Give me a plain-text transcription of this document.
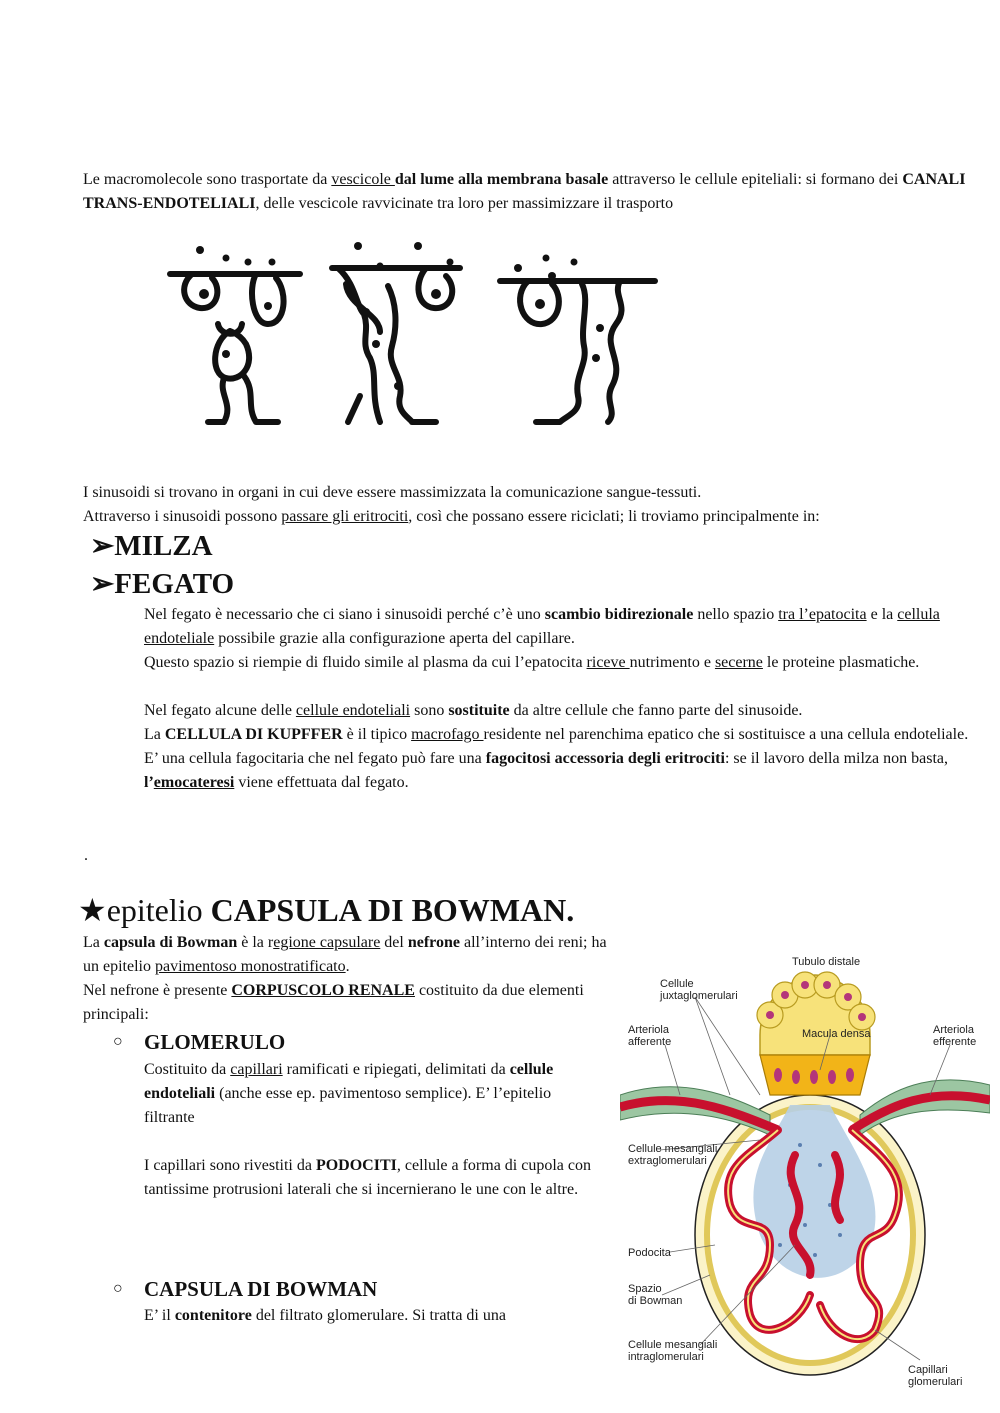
Le macromolecole sono trasportate da vescicole dal lume alla membrana basale attraverso le cellule epiteliali: si formano dei CANALI TRANS-ENDOTELIALI, delle vescicole ravvicinate tra loro per massimizzare il trasporto

I sinusoidi si trovano in organi in cui deve essere massimizzata la comunicazione sangue-tessuti.

Attraverso i sinusoidi possono passare gli eritrociti, così che possano essere riciclati; li troviamo principalmente in:

➢MILZA
➢FEGATO

Nel fegato è necessario che ci siano i sinusoidi perché c’è uno scambio bidirezionale nello spazio tra l’epatocita e la cellula endoteliale possibile grazie alla configurazione aperta del capillare.

Questo spazio si riempie di fluido simile al plasma da cui l’epatocita riceve nutrimento e secerne le proteine plasmatiche.

Nel fegato alcune delle cellule endoteliali sono sostituite da altre cellule che fanno parte del sinusoide.

La CELLULA DI KUPFFER è il tipico macrofago residente nel parenchima epatico che si sostituisce a una cellula endoteliale. E’ una cellula fagocitaria che nel fegato può fare una fagocitosi accessoria degli eritrociti: se il lavoro della milza non basta, l’emocateresi viene effettuata dal fegato.

.
★epitelio CAPSULA DI BOWMAN.

La capsula di Bowman è la regione capsulare del nefrone all’interno dei reni; ha un epitelio pavimentoso monostratificato.

Nel nefrone è presente CORPUSCOLO RENALE costituito da due elementi principali:

○ GLOMERULO

Costituito da capillari ramificati e ripiegati, delimitati da cellule endoteliali (anche esse ep. pavimentoso semplice). E’ l’epitelio filtrante

I capillari sono rivestiti da PODOCITI, cellule a forma di cupola con tantissime protrusioni laterali che si incernierano le une con le altre.

○ CAPSULA DI BOWMAN

E’ il contenitore del filtrato glomerulare. Si tratta di una

Tubulo distale
Cellule juxtaglomerulari
Arteriola afferente
Macula densa	Arteriola efferente
Cellule mesangiali extraglomerulari
Podocita
Spazio di Bowman
Cellule mesangiali intraglomerulari
Capillari glomerulari
